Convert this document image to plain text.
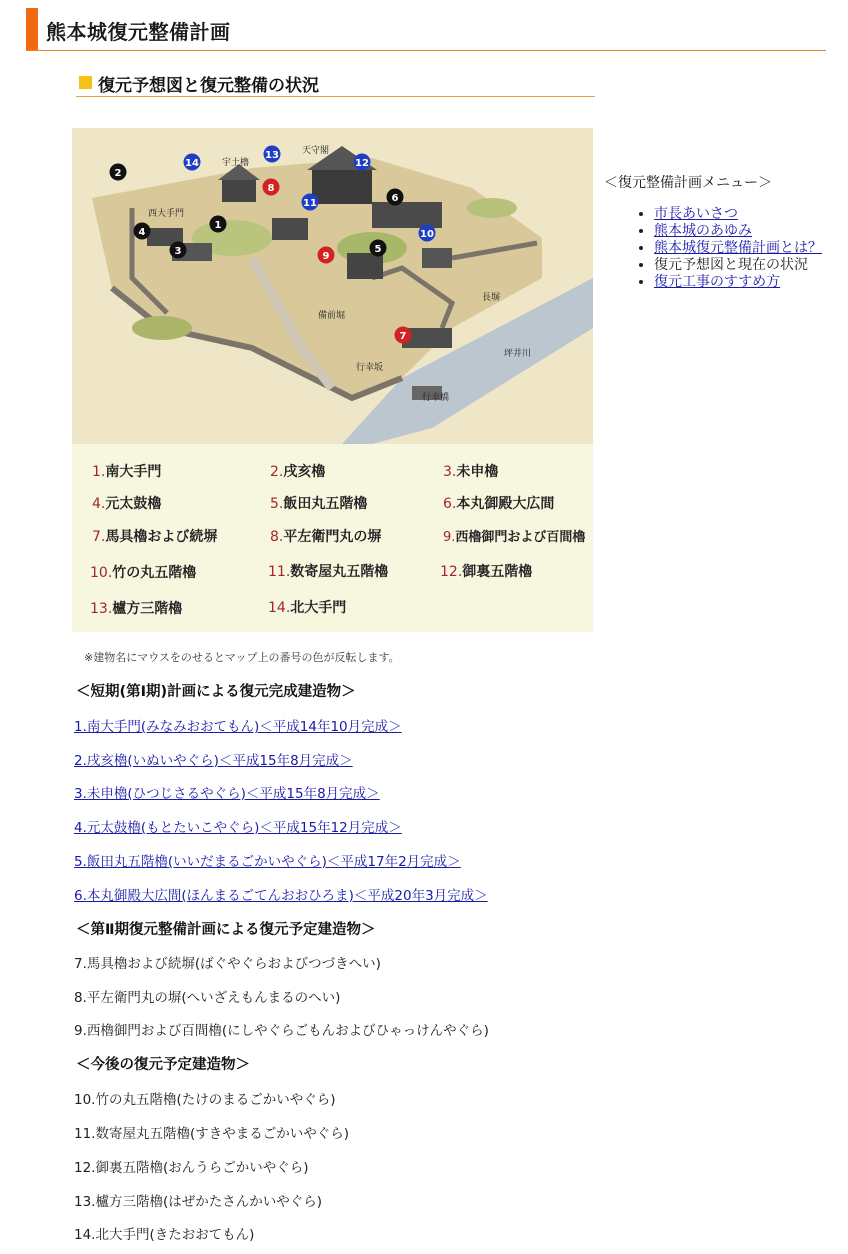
熊本城復元整備計画
復元予想図と復元整備の状況
天守閣
宇土櫓
西大手門
長塀
備前堀
行幸坂
坪井川
行幸橋
1
2
3
4
5
6
7
8
9
10
11
12
13
14
1.南大手門	2.戌亥櫓	3.未申櫓
4.元太鼓櫓	5.飯田丸五階櫓	6.本丸御殿大広間
7.馬具櫓および続塀	8.平左衛門丸の塀	9.西櫓御門および百間櫓
10.竹の丸五階櫓	11.数寄屋丸五階櫓	12.御裏五階櫓
13.櫨方三階櫓	14.北大手門
※建物名にマウスをのせるとマップ上の番号の色が反転します。
＜短期(第Ⅰ期)計画による復元完成建造物＞
1.南大手門(みなみおおてもん)＜平成14年10月完成＞
2.戌亥櫓(いぬいやぐら)＜平成15年8月完成＞
3.未申櫓(ひつじさるやぐら)＜平成15年8月完成＞
4.元太鼓櫓(もとたいこやぐら)＜平成15年12月完成＞
5.飯田丸五階櫓(いいだまるごかいやぐら)＜平成17年2月完成＞
6.本丸御殿大広間(ほんまるごてんおおひろま)＜平成20年3月完成＞
＜第Ⅱ期復元整備計画による復元予定建造物＞
7.馬具櫓および続塀(ばぐやぐらおよびつづきへい)
8.平左衛門丸の塀(へいざえもんまるのへい)
9.西櫓御門および百間櫓(にしやぐらごもんおよびひゃっけんやぐら)
＜今後の復元予定建造物＞
10.竹の丸五階櫓(たけのまるごかいやぐら)
11.数寄屋丸五階櫓(すきやまるごかいやぐら)
12.御裏五階櫓(おんうらごかいやぐら)
13.櫨方三階櫓(はぜかたさんかいやぐら)
14.北大手門(きたおおてもん)
＜復元整備計画メニュー＞
• 市長あいさつ
• 熊本城のあゆみ
• 熊本城復元整備計画とは？
• 復元予想図と現在の状況
• 復元工事のすすめ方
